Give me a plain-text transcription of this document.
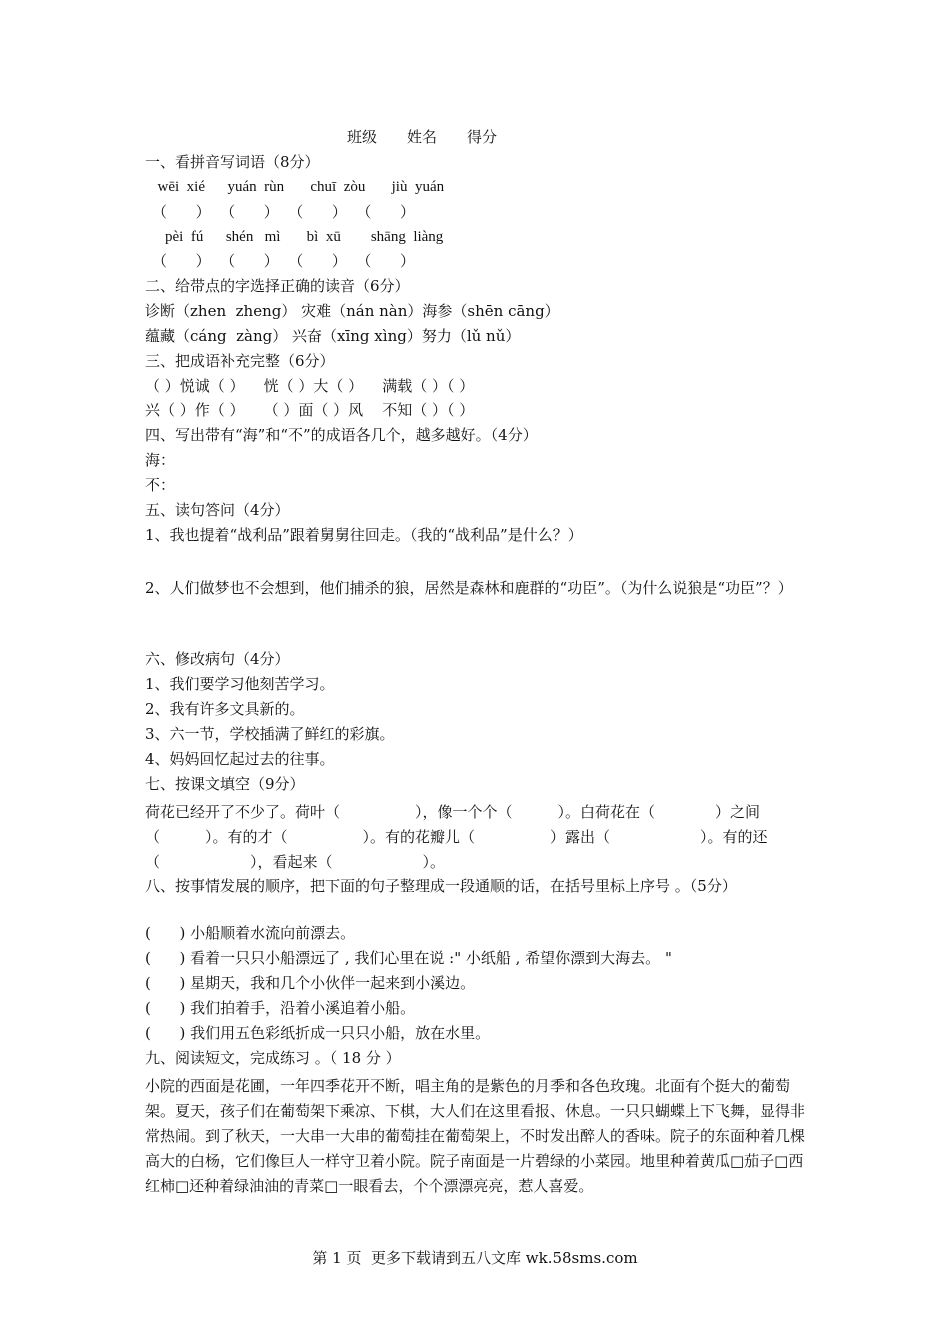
班级　　姓名　　得分
一、看拼音写词语（8分）
wēi  xié      yuán  rùn       chuī  zòu       jiù  yuán
（      ）  （      ）  （      ）  （      ）
pèi  fú      shén   mì       bì  xū        shāng  liàng
（      ）  （      ）  （      ）  （      ）
二、给带点的字选择正确的读音（6分）
诊断（zhen  zheng） 灾难（nán nàn）海参（shēn cāng）
蕴藏（cáng  zàng） 兴奋（xīng xìng）努力（lǔ nǔ）
三、把成语补充完整（6分）
（ ）悦诚（ ）    恍（ ）大（ ）    满载（ ）（ ）
兴（ ）作（ ）    （ ）面（ ）风    不知（ ）（ ）
四、写出带有“海”和“不”的成语各几个，越多越好。（4分）
海：
不：
五、读句答问（4分）
1、我也提着“战利品”跟着舅舅往回走。（我的“战利品”是什么？）
2、人们做梦也不会想到，他们捕杀的狼，居然是森林和鹿群的“功臣”。（为什么说狼是“功臣”？）
六、修改病句（4分）
1、我们要学习他刻苦学习。
2、我有许多文具新的。
3、六一节，学校插满了鲜红的彩旗。
4、妈妈回忆起过去的往事。
七、按课文填空（9分）
荷花已经开了不少了。荷叶（　　　　　），像一个个（　　　）。白荷花在（　　　　）之间（　　　）。有的才（　　　　　）。有的花瓣儿（　　　　　）露出（　　　　　　）。有的还（　　　　　　），看起来（　　　　　　）。
八、按事情发展的顺序，把下面的句子整理成一段通顺的话，在括号里标上序号 。（5分）
(      ) 小船顺着水流向前漂去。
(      ) 看着一只只小船漂远了 , 我们心里在说 :" 小纸船 , 希望你漂到大海去。 "
(      ) 星期天，我和几个小伙伴一起来到小溪边。
(      ) 我们拍着手，沿着小溪追着小船。
(      ) 我们用五色彩纸折成一只只小船，放在水里。
九、阅读短文，完成练习 。（ 18 分 ）
小院的西面是花圃，一年四季花开不断，唱主角的是紫色的月季和各色玫瑰。北面有个挺大的葡萄架。夏天，孩子们在葡萄架下乘凉、下棋，大人们在这里看报、休息。一只只蝴蝶上下飞舞，显得非常热闹。到了秋天，一大串一大串的葡萄挂在葡萄架上，不时发出醉人的香味。院子的东面种着几棵高大的白杨，它们像巨人一样守卫着小院。院子南面是一片碧绿的小菜园。地里种着黄瓜□茄子□西红柿□还种着绿油油的青菜□一眼看去，个个漂漂亮亮，惹人喜爱。
第 1 页  更多下载请到五八文库 wk.58sms.com
